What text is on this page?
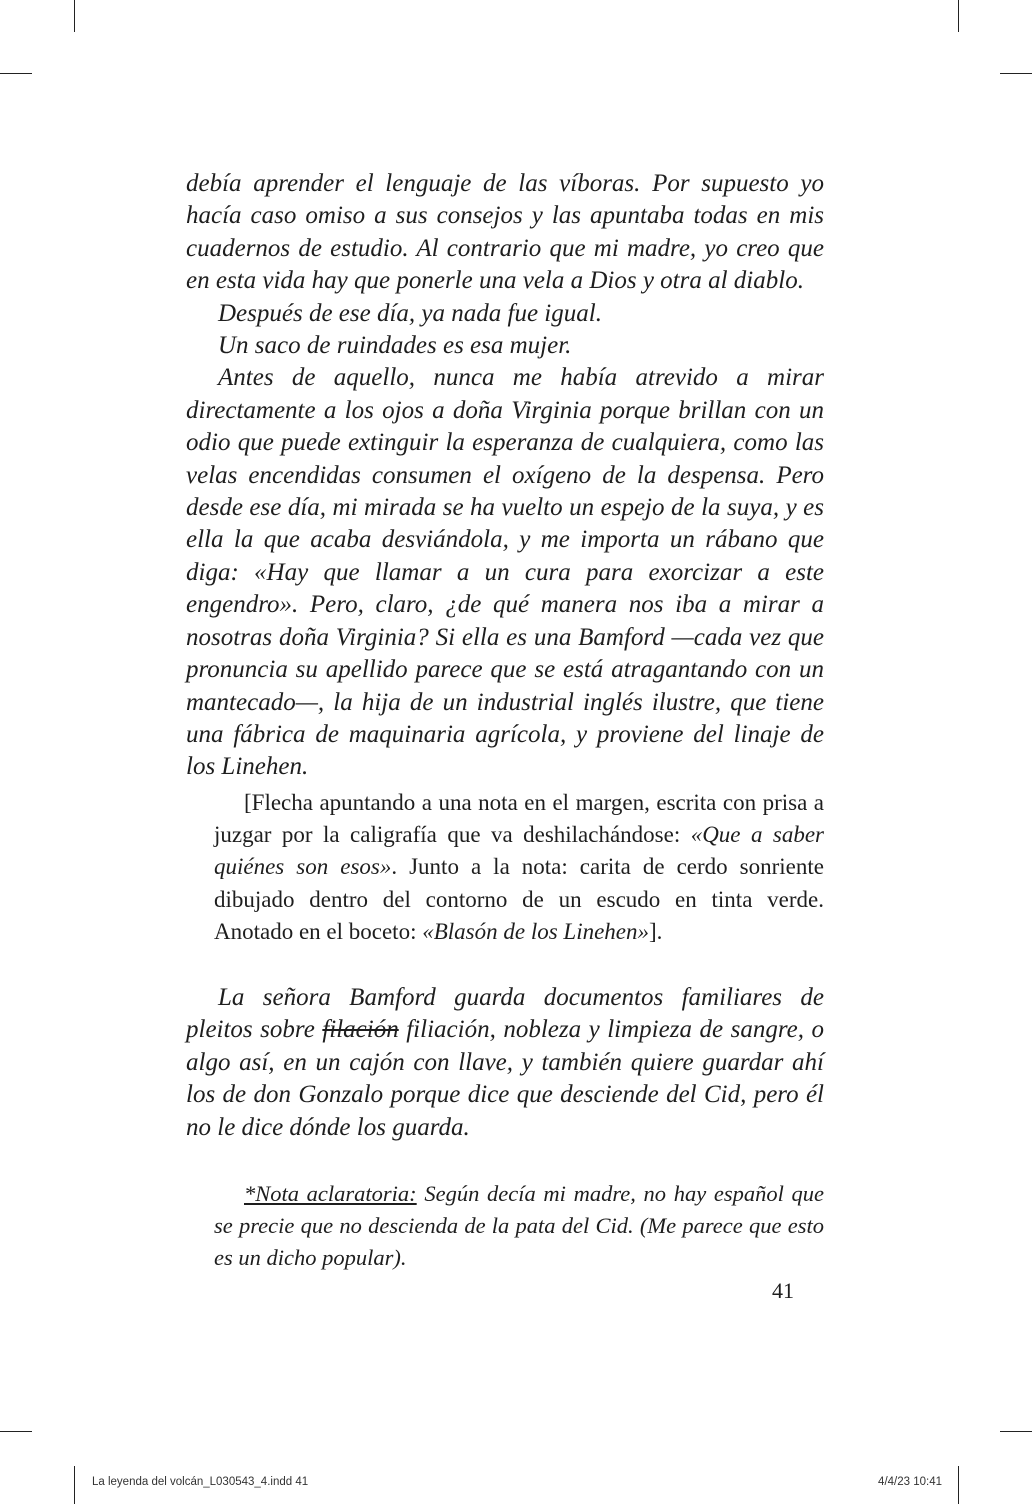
debía aprender el lenguaje de las víboras. Por supuesto yo hacía caso omiso a sus consejos y las apuntaba todas en mis cuadernos de estudio. Al contrario que mi madre, yo creo que en esta vida hay que ponerle una vela a Dios y otra al diablo.

Después de ese día, ya nada fue igual.

Un saco de ruindades es esa mujer.

Antes de aquello, nunca me había atrevido a mirar directamente a los ojos a doña Virginia porque brillan con un odio que puede extinguir la esperanza de cualquiera, como las velas encendidas consumen el oxígeno de la despensa. Pero desde ese día, mi mirada se ha vuelto un espejo de la suya, y es ella la que acaba desviándola, y me importa un rábano que diga: «Hay que llamar a un cura para exorcizar a este engendro». Pero, claro, ¿de qué manera nos iba a mirar a nosotras doña Virginia? Si ella es una Bamford —cada vez que pronuncia su apellido parece que se está atragantando con un mantecado—, la hija de un industrial inglés ilustre, que tiene una fábrica de maquinaria agrícola, y proviene del linaje de los Linehen.

[Flecha apuntando a una nota en el margen, escrita con prisa a juzgar por la caligrafía que va deshilachándose: «Que a saber quiénes son esos». Junto a la nota: carita de cerdo sonriente dibujado dentro del contorno de un escudo en tinta verde. Anotado en el boceto: «Blasón de los Linehen»].

La señora Bamford guarda documentos familiares de pleitos sobre filación filiación, nobleza y limpieza de sangre, o algo así, en un cajón con llave, y también quiere guardar ahí los de don Gonzalo porque dice que desciende del Cid, pero él no le dice dónde los guarda.

*Nota aclaratoria: Según decía mi madre, no hay español que se precie que no descienda de la pata del Cid. (Me parece que esto es un dicho popular).

41
La leyenda del volcán_L030543_4.indd 41	4/4/23 10:41
